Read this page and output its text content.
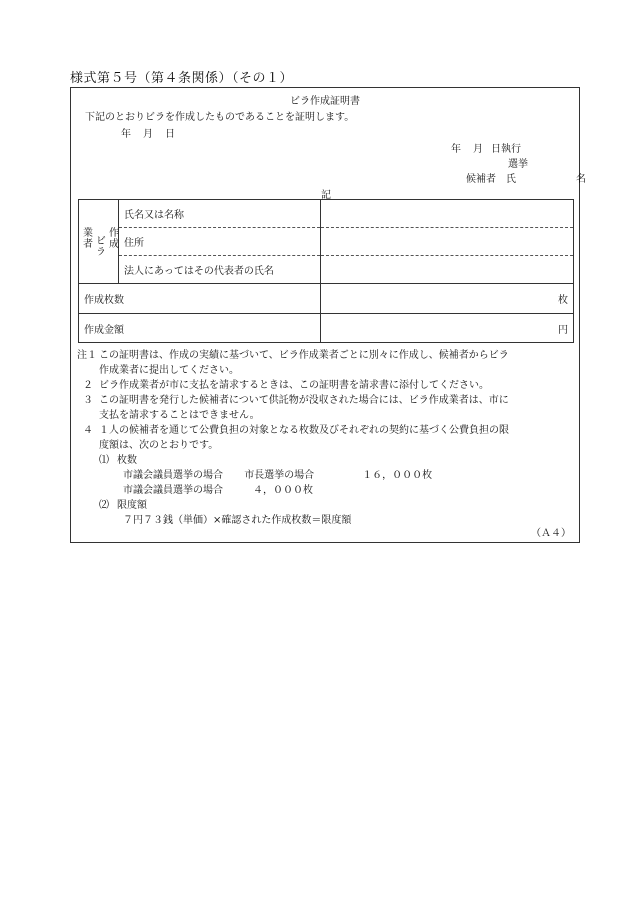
様式第５号（第４条関係）（その１）
ビラ作成証明書
下記のとおりビラを作成したものであることを証明します。
年 月 日
年 月 日執行
選挙
候補者 氏	名
記
作成
ビラ
業者	氏名又は名称	
	住所	
	法人にあってはその代表者の氏名	
作成枚数		枚
作成金額		円
注１ この証明書は、作成の実績に基づいて、ビラ作成業者ごとに別々に作成し、候補者からビラ
作成業者に提出してください。
２ ビラ作成業者が市に支払を請求するときは、この証明書を請求書に添付してください。
３ この証明書を発行した候補者について供託物が没収された場合には、ビラ作成業者は、市に
支払を請求することはできません。
４ １人の候補者を通じて公費負担の対象となる枚数及びそれぞれの契約に基づく公費負担の限
度額は、次のとおりです。
⑴ 枚数
市議会議員選挙の場合 市長選挙の場合	１６，０００枚
市議会議員選挙の場合	４，０００枚
⑵ 限度額
７円７３銭（単価）×確認された作成枚数＝限度額
（Ａ４）
